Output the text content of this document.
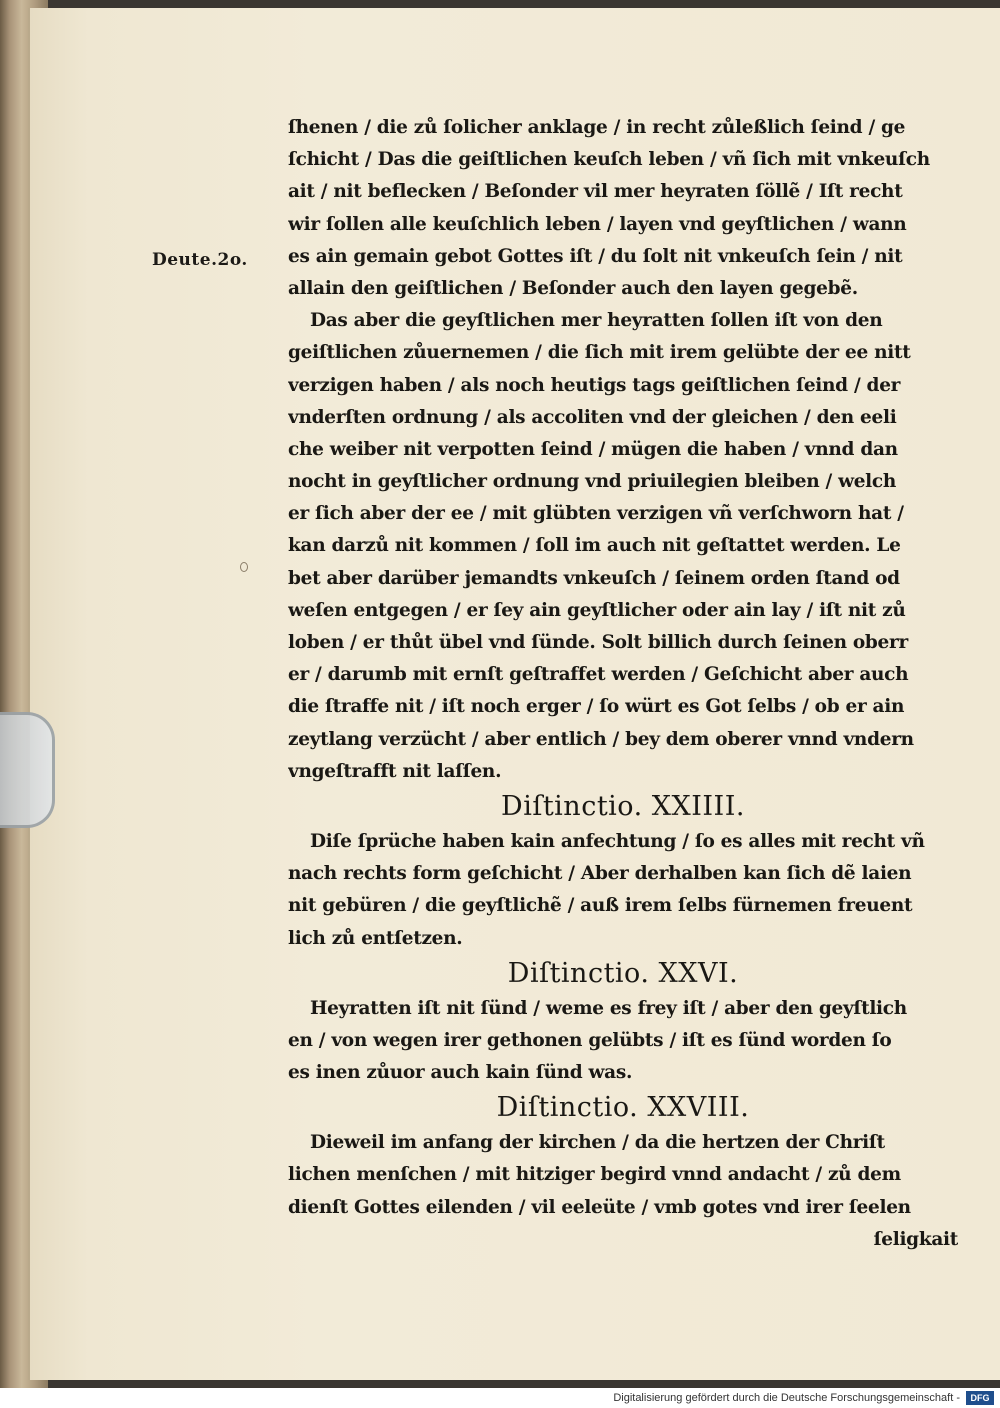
Deute.2o.
ſhenen / die zů ſolicher anklage / in recht zůleßlich ſeind / ge
ſchicht / Das die geiſtlichen keuſch leben / vñ ſich mit vnkeuſch
ait / nit beflecken / Beſonder vil mer heyraten ſöllẽ / Iſt recht
wir ſollen alle keuſchlich leben / layen vnd geyſtlichen / wann
es ain gemain gebot Gottes iſt / du ſolt nit vnkeuſch ſein / nit
allain den geiſtlichen / Beſonder auch den layen gegebẽ.
Das aber die geyſtlichen mer heyratten ſollen iſt von den
geiſtlichen zůuernemen / die ſich mit irem gelübte der ee nitt
verzigen haben / als noch heutigs tags geiſtlichen ſeind / der
vnderſten ordnung / als accoliten vnd der gleichen / den eeli
che weiber nit verpotten ſeind / mügen die haben / vnnd dan
nocht in geyſtlicher ordnung vnd priuilegien bleiben / welch
er ſich aber der ee / mit glübten verzigen vñ verſchworn hat /
kan darzů nit kommen / ſoll im auch nit geſtattet werden. Le
bet aber darüber jemandts vnkeuſch / ſeinem orden ſtand od
weſen entgegen / er ſey ain geyſtlicher oder ain lay / iſt nit zů
loben / er thůt übel vnd ſünde. Solt billich durch ſeinen oberr
er / darumb mit ernſt geſtraffet werden / Geſchicht aber auch
die ſtraffe nit / iſt noch erger / ſo würt es Got ſelbs / ob er ain
zeytlang verzücht / aber entlich / bey dem oberer vnnd vndern
vngeſtrafft nit laſſen.
Diſtinctio. XXIIII.
Diſe ſprüche haben kain anfechtung / ſo es alles mit recht vñ
nach rechts form geſchicht / Aber derhalben kan ſich dẽ laien
nit gebüren / die geyſtlichẽ / auß irem ſelbs fürnemen freuent
lich zů entſetzen.
Diſtinctio. XXVI.
Heyratten iſt nit ſünd / weme es frey iſt / aber den geyſtlich
en / von wegen irer gethonen gelübts / iſt es ſünd worden ſo
es inen zůuor auch kain ſünd was.
Diſtinctio. XXVIII.
Dieweil im anfang der kirchen / da die hertzen der Chriſt
lichen menſchen / mit hitziger begird vnnd andacht / zů dem
dienſt Gottes eilenden / vil eeleüte / vmb gotes vnd irer ſeelen
ſeligkait
Digitalisierung gefördert durch die Deutsche Forschungsgemeinschaft -	DFG
